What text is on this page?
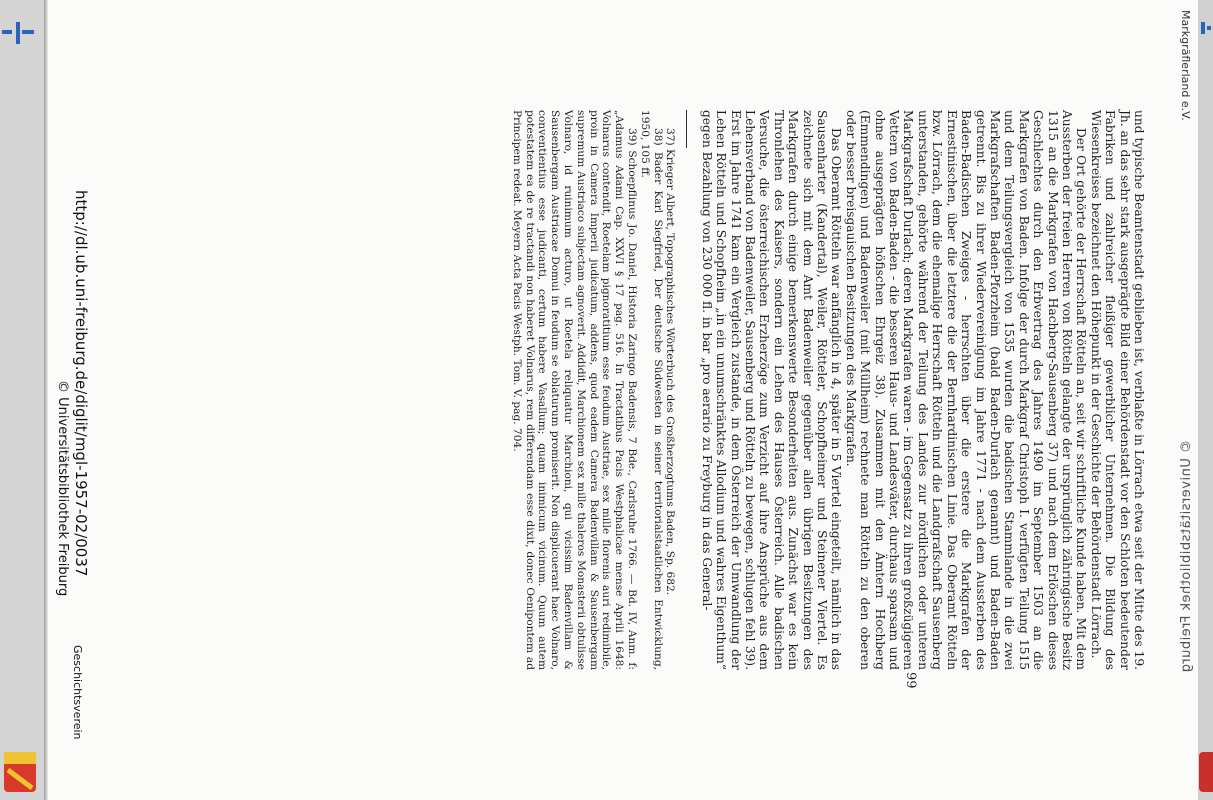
© Universitätsbibliothek Freiburg
Markgräflerland e.V.
99

und typische Beamtenstadt geblieben ist, verblaßte in Lörrach etwa seit der Mitte des 19. Jh. an das sehr stark ausgeprägte Bild einer Behördenstadt vor den Schloten bedeutender Fabriken und zahlreicher fleißiger gewerblicher Unternehmen. Die Bildung des Wiesenkreises bezeichnet den Höhepunkt in der Geschichte der Behördenstadt Lörrach.

Der Ort gehörte der Herrschaft Rötteln an, seit wir schriftliche Kunde haben. Mit dem Aussterben der freien Herren von Rötteln gelangte der ursprünglich zähringische Besitz 1315 an die Markgrafen von Hachberg-Sausenberg 37) und nach dem Erlöschen dieses Geschlechtes durch den Erbvertrag des Jahres 1490 im September 1503 an die Markgrafen von Baden. Infolge der durch Markgraf Christoph I. verfügten Teilung 1515 und dem Teilungsvergleich von 1535 wurden die badischen Stammlande in die zwei Markgrafschaften Baden-Pforzheim (bald Baden-Durlach genannt) und Baden-Baden getrennt. Bis zu ihrer Wiedervereinigung im Jahre 1771 - nach dem Aussterben des Baden-Badischen Zweiges - herrschten über die erstere die Markgrafen der Ernestinischen, über die letztere die der Bernhardinischen Linie. Das Oberamt Rötteln bzw. Lörrach, dem die ehemalige Herrschaft Rötteln und die Landgrafschaft Sausenberg unterstanden, gehörte während der Teilung des Landes zur nördlichen oder unteren Markgrafschaft Durlach; deren Markgrafen waren - im Gegensatz zu ihren großzügigeren Vettern von Baden-Baden - die besseren Haus- und Landesväter, durchaus sparsam und ohne ausgeprägten höfischen Ehrgeiz 38). Zusammen mit den Ämtern Hochberg (Emmendingen) und Badenweiler (mit Müllheim) rechnete man Rötteln zu den oberen oder besser breisgauischen Besitzungen des Markgrafen.

Das Oberamt Rötteln war anfänglich in 4, später in 5 Viertel eingeteilt, nämlich in das Sausenharter (Kandertal), Weiler, Rötteler, Schopfheimer und Steinener Viertel. Es zeichnete sich mit dem Amt Badenweiler gegenüber allen übrigen Besitzungen des Markgrafen durch einige bemerkenswerte Besonderheiten aus. Zunächst war es kein Thronlehen des Kaisers, sondern ein Lehen des Hauses Österreich. Alle badischen Versuche, die österreichischen Erzherzöge zum Verzicht auf ihre Ansprüche aus dem Lehensverband von Badenweiler, Sausenberg und Rötteln zu bewegen, schlugen fehl 39). Erst im Jahre 1741 kam ein Vergleich zustande, in dem Österreich der Umwandlung der Lehen Rötteln und Schopfheim „in ein unumschränktes Allodium und wahres Eigenthum“ gegen Bezahlung von 230 000 fl. in bar „pro aerario zu Freyburg in das General-

37) Krieger Albert, Topographisches Wörterbuch des Großherzogtums Baden, Sp. 682.

38) Bader Karl Siegfried, Der deutsche Südwesten in seiner territorialstaatlichen Entwicklung, 1950, 105 ff.

39) Schoepflinus Jo. Daniel, Historia Zaringo Badensis, 7 Bde., Carlsruhe 1766. — Bd. IV, Anm. f: „Adamus Adami Cap. XXVI § 17 pag. 516. In Tractatibus Pacis Westphalicae mense Aprili 1648: Volnarus contendit, Roetelam pignoratitium esse feudum Austriae, sex mille florenis auri redimibile, proin in Camera Imperii judicatum, addens, quod eadem Camera Badenvillam & Sausenbergam supremum Austriaco subjectam agnoverit. Addidit, Marchionem sex mille thaleros Monasterii obtulisse Volnaro, id ruinimum acturo, ut Roetela reliquatur Marchioni, qui vicissim Badenvillam & Sausenbergam Austriacae Domui in feudum se oblaturum promiserit. Non displicuerant haec Volnaro, conventientius esse judicanti, certum habere Vasallum; quam inimicum vicinum. Quum autem potestatem ea de re tractandi non haberet Volnarus, rem differendam esse dixit, donec Oenipontem ad Principem redeat. Meyern Acta Pacis Westph. Tom. V. pag. 704.

http://dl.ub.uni-freiburg.de/diglit/mgl-1957-02/0037
© Universitätsbibliothek Freiburg
Geschichtsverein
